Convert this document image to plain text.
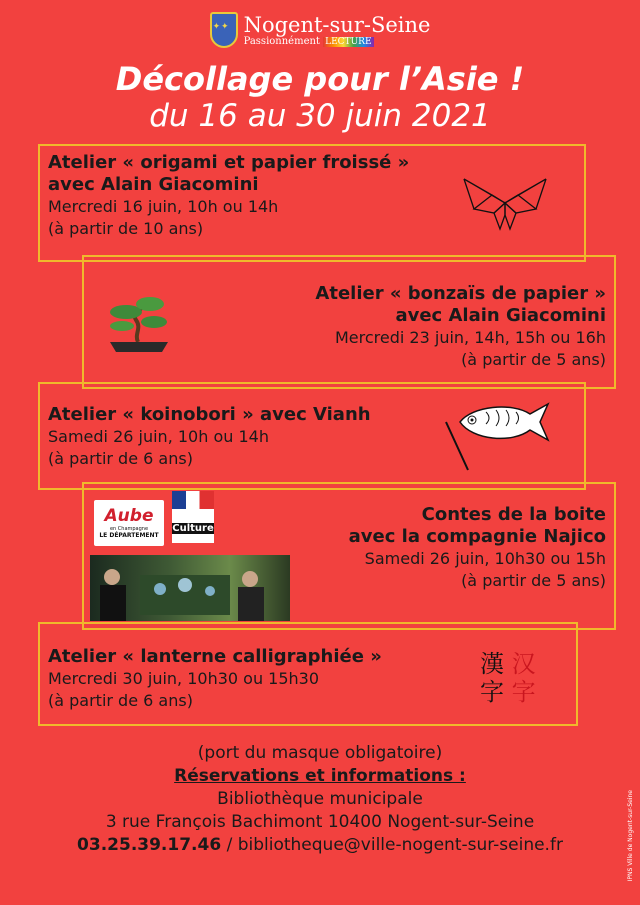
✦ ✦
Nogent-sur-Seine
Passionnément LECTURE
Décollage pour l’Asie !
du 16 au 30 juin 2021
Atelier « origami et papier froissé »
avec Alain Giacomini
Mercredi 16 juin, 10h ou 14h
(à partir de 10 ans)
Atelier « bonzaïs de papier »
avec Alain Giacomini
Mercredi 23 juin, 14h, 15h ou 16h
(à partir de 5 ans)
Atelier « koinobori » avec Vianh
Samedi 26 juin, 10h ou 14h
(à partir de 6 ans)
Contes de la boite
avec la compagnie Najico
Samedi 26 juin, 10h30 ou 15h
(à partir de 5 ans)
Aube
en Champagne
LE DÉPARTEMENT
Culture
Atelier « lanterne calligraphiée »
Mercredi 30 juin, 10h30 ou 15h30
(à partir de 6 ans)
漢 汉
字 字
(port du masque obligatoire)
Réservations et informations :
Bibliothèque municipale
3 rue François Bachimont 10400 Nogent-sur-Seine
03.25.39.17.46 / bibliotheque@ville-nogent-sur-seine.fr	IPNS Ville de Nogent-sur-Seine
